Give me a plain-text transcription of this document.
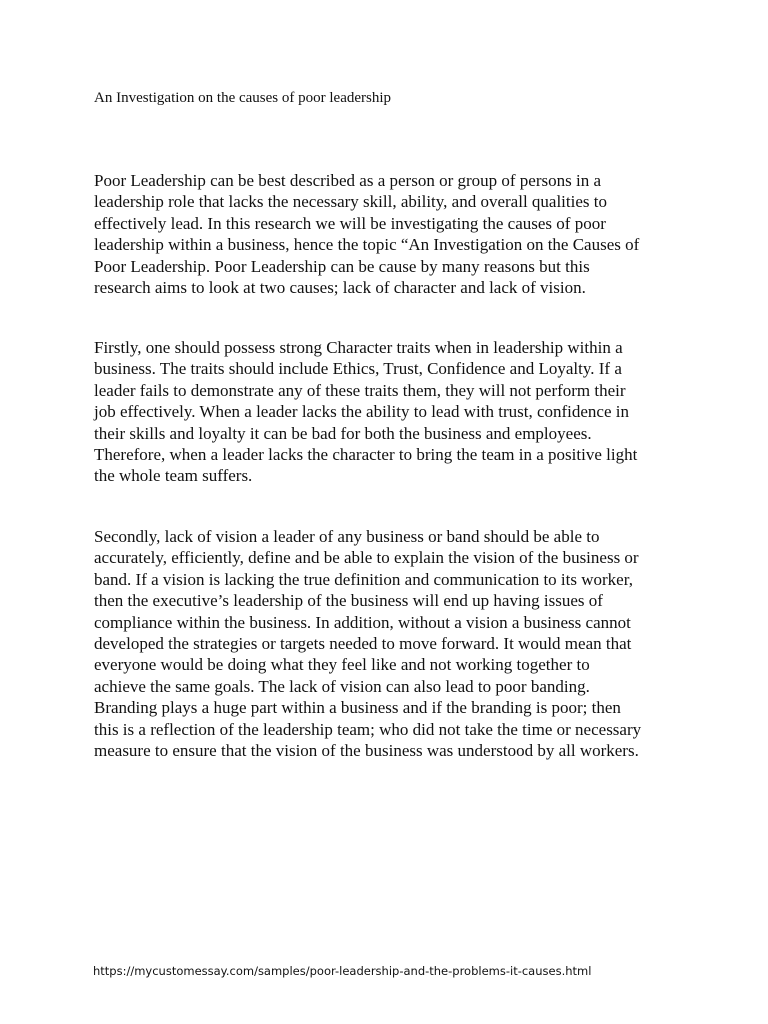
An Investigation on the causes of poor leadership
Poor Leadership can be best described as a person or group of persons in a
leadership role that lacks the necessary skill, ability, and overall qualities to
effectively lead. In this research we will be investigating the causes of poor
leadership within a business, hence the topic “An Investigation on the Causes of
Poor Leadership. Poor Leadership can be cause by many reasons but this
research aims to look at two causes; lack of character and lack of vision.
Firstly, one should possess strong Character traits when in leadership within a
business. The traits should include Ethics, Trust, Confidence and Loyalty. If a
leader fails to demonstrate any of these traits them, they will not perform their
job effectively. When a leader lacks the ability to lead with trust, confidence in
their skills and loyalty it can be bad for both the business and employees.
Therefore, when a leader lacks the character to bring the team in a positive light
the whole team suffers.
Secondly, lack of vision a leader of any business or band should be able to
accurately, efficiently, define and be able to explain the vision of the business or
band. If a vision is lacking the true definition and communication to its worker,
then the executive’s leadership of the business will end up having issues of
compliance within the business. In addition, without a vision a business cannot
developed the strategies or targets needed to move forward. It would mean that
everyone would be doing what they feel like and not working together to
achieve the same goals. The lack of vision can also lead to poor banding.
Branding plays a huge part within a business and if the branding is poor; then
this is a reflection of the leadership team; who did not take the time or necessary
measure to ensure that the vision of the business was understood by all workers.
https://mycustomessay.com/samples/poor-leadership-and-the-problems-it-causes.html
